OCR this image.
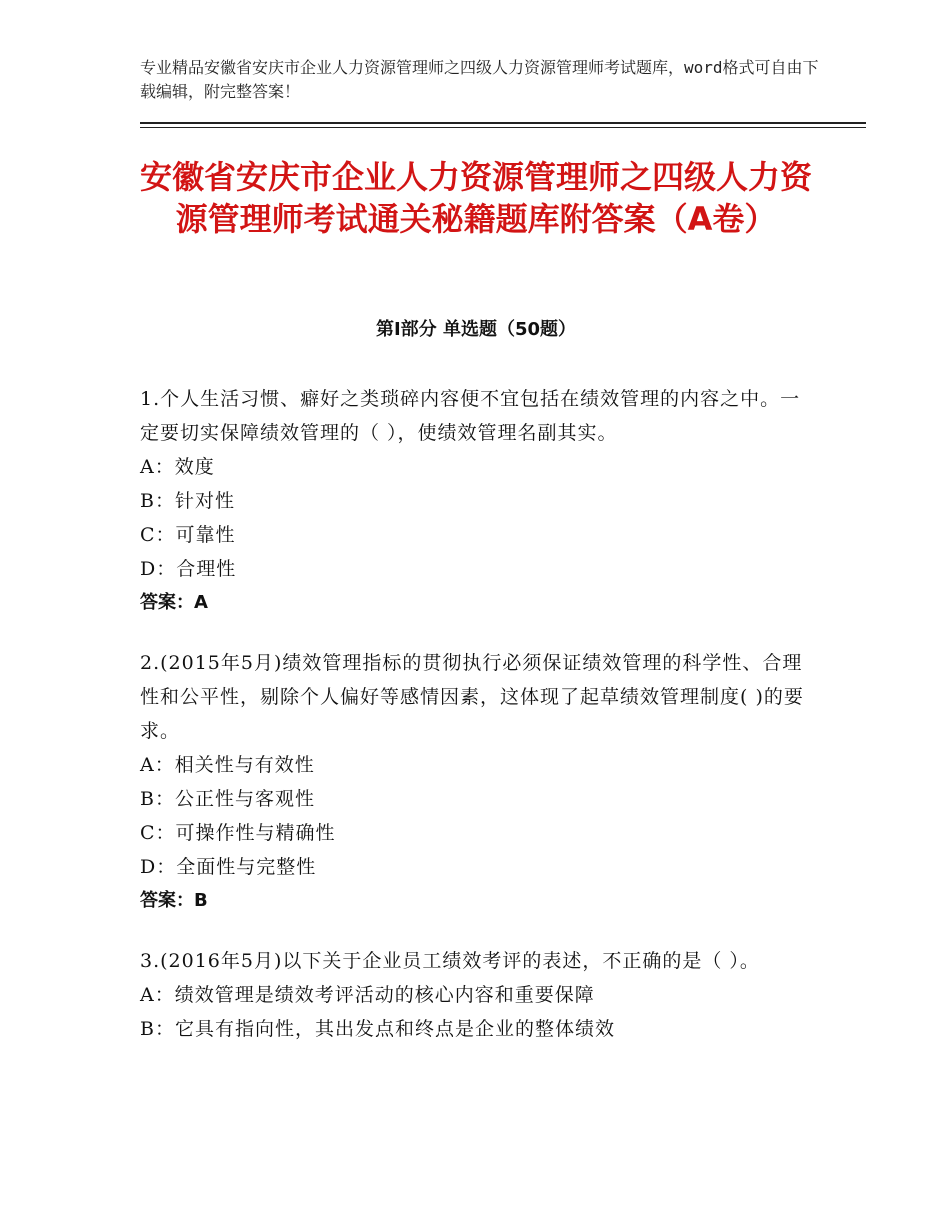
专业精品安徽省安庆市企业人力资源管理师之四级人力资源管理师考试题库，word格式可自由下载编辑，附完整答案！
安徽省安庆市企业人力资源管理师之四级人力资源管理师考试通关秘籍题库附答案（A卷）
第Ⅰ部分 单选题（50题）
1.个人生活习惯、癖好之类琐碎内容便不宜包括在绩效管理的内容之中。一定要切实保障绩效管理的（ ），使绩效管理名副其实。
A：效度
B：针对性
C：可靠性
D：合理性
答案：A
2.(2015年5月)绩效管理指标的贯彻执行必须保证绩效管理的科学性、合理性和公平性，剔除个人偏好等感情因素，这体现了起草绩效管理制度( )的要求。
A：相关性与有效性
B：公正性与客观性
C：可操作性与精确性
D：全面性与完整性
答案：B
3.(2016年5月)以下关于企业员工绩效考评的表述，不正确的是（ ）。
A：绩效管理是绩效考评活动的核心内容和重要保障
B：它具有指向性，其出发点和终点是企业的整体绩效
